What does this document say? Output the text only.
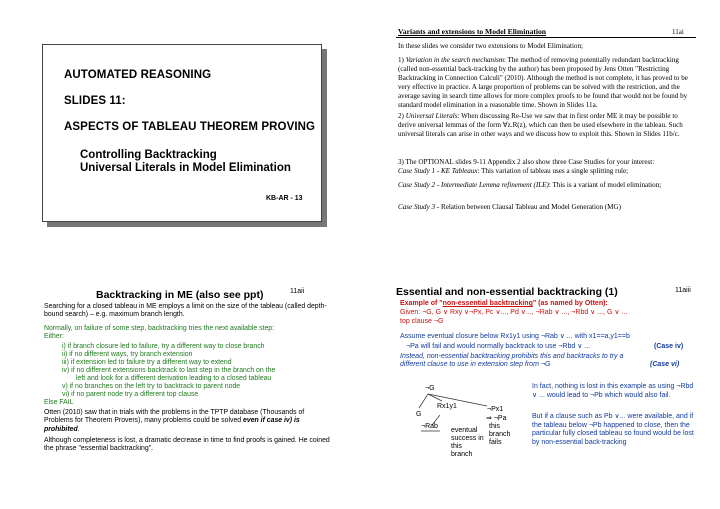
AUTOMATED REASONING
SLIDES 11:
ASPECTS OF TABLEAU THEOREM PROVING
Controlling Backtracking
Universal Literals in Model Elimination
KB-AR - 13
Variants and extensions to Model Elimination	11ai
In these slides we consider two extensions to Model Elimination;
1) Variation in the search mechanism: The method of removing potentially redundant backtracking (called non-essential back-tracking by the author) has been proposed by Jens Otten "Restricting Backtracking in Connection Calculi" (2010). Although the method is not complete, it has proved to be very effective in practice. A large proportion of problems can be solved with the restriction, and the average saving in search time allows for more complex proofs to be found that would not be found by standard model elimination in a reasonable time. Shown in Slides 11a.
2) Universal Literals: When discussing Re-Use we saw that in first order ME it may be possible to derive universal lemmas of the form ∀z.R(z), which can then be used elsewhere in the tableau. Such universal literals can arise in other ways and we discuss how to exploit this. Shown in Slides 11b/c.
3) The OPTIONAL slides 9-11 Appendix 2 also show three Case Studies for your interest:
Case Study 1 - KE Tableaux: This variation of tableau uses a single splitting rule;
Case Study 2 - Intermediate Lemma refinement (ILE): This is a variant of model elimination;
Case Study 3 - Relation between Clausal Tableau and Model Generation (MG)
Backtracking in ME (also see ppt)	11aii
Searching for a closed tableau in ME employs a limit on the size of the tableau (called depth-bound search) – e.g. maximum branch length.
Normally, on failure of some step, backtracking tries the next available step:
Either:
i) if branch closure led to failure, try a different way to close branch
ii) if no different ways, try branch extension
iii) if extension led to failure try a different way to extend
iv) if no different extensions backtrack to last step in the branch on the
left and look for a different derivation leading to a closed tableau
v) if no branches on the left try to backtrack to parent node
vi) if no parent node try a different top clause
Else FAIL
Otten (2010) saw that in trials with the problems in the TPTP database (Thousands of Problems for Theorem Provers), many problems could be solved even if case iv) is prohibited.
Although completeness is lost, a dramatic decrease in time to find proofs is gained. He coined the phrase "essential backtracking".
Essential and non-essential backtracking (1)	11aiii
Example of "non-essential backtracking" (as named by Otten):
Given: ¬G, G ∨ Rxy ∨¬Px, Pc ∨..., Pd ∨..., ¬Rab ∨ ..., ¬Rbd ∨ ..., G ∨ ...
top clause ¬G
Assume eventual closure below Rx1y1 using ¬Rab ∨ ... with x1==a,y1==b
¬Pa will fail and would normally backtrack to use ¬Rbd ∨ ...	(Case iv)
Instead, non-essential backtracking prohibits this and backtracks to try a
different clause to use in extension step from ¬G	(Case vi)
¬G
G
Rx1y1	¬Px1
⇒ ¬Pa
¬Rab
eventual success in this branch
this branch fails
In fact, nothing is lost in this example as using ¬Rbd ∨ ... would lead to ¬Pb which would also fail.
But if a clause such as Pb ∨... were available, and if the tableau below ¬Pb happened to close, then the particular fully closed tableau so found would be lost by non-essential back-tracking
